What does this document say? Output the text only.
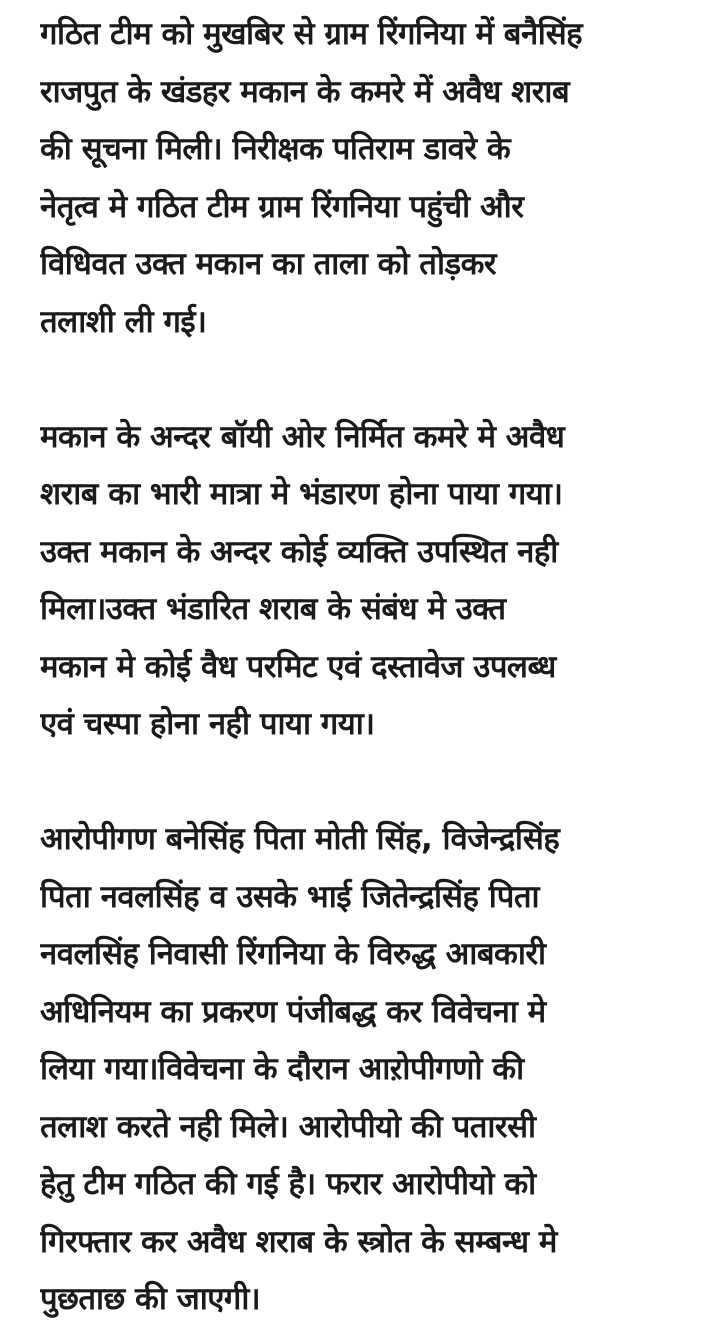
गठित टीम को मुखबिर से ग्राम रिंगनिया में बनैसिंह
राजपुत के खंडहर मकान के कमरे में अवैध शराब
की सूचना मिली। निरीक्षक पतिराम डावरे के
नेतृत्व मे गठित टीम ग्राम रिंगनिया पहुंची और
विधिवत उक्त मकान का ताला को तोड़कर
तलाशी ली गई।
मकान के अन्दर बॉयी ओर निर्मित कमरे मे अवैध
शराब का भारी मात्रा मे भंडारण होना पाया गया।
उक्त मकान के अन्दर कोई व्यक्ति उपस्थित नही
मिला।उक्त भंडारित शराब के संबंध मे उक्त
मकान मे कोई वैध परमिट एवं दस्तावेज उपलब्ध
एवं चस्पा होना नही पाया गया।
आरोपीगण बनेसिंह पिता मोती सिंह, विजेन्द्रसिंह
पिता नवलसिंह व उसके भाई जितेन्द्रसिंह पिता
नवलसिंह निवासी रिंगनिया के विरुद्ध आबकारी
अधिनियम का प्रकरण पंजीबद्ध कर विवेचना मे
लिया गया।विवेचना के दौरान आऱोपीगणो की
तलाश करते नही मिले। आरोपीयो की पतारसी
हेतु टीम गठित की गई है। फरार आरोपीयो को
गिरफ्तार कर अवैध शराब के स्त्रोत के सम्बन्ध मे
पुछताछ की जाएगी।
